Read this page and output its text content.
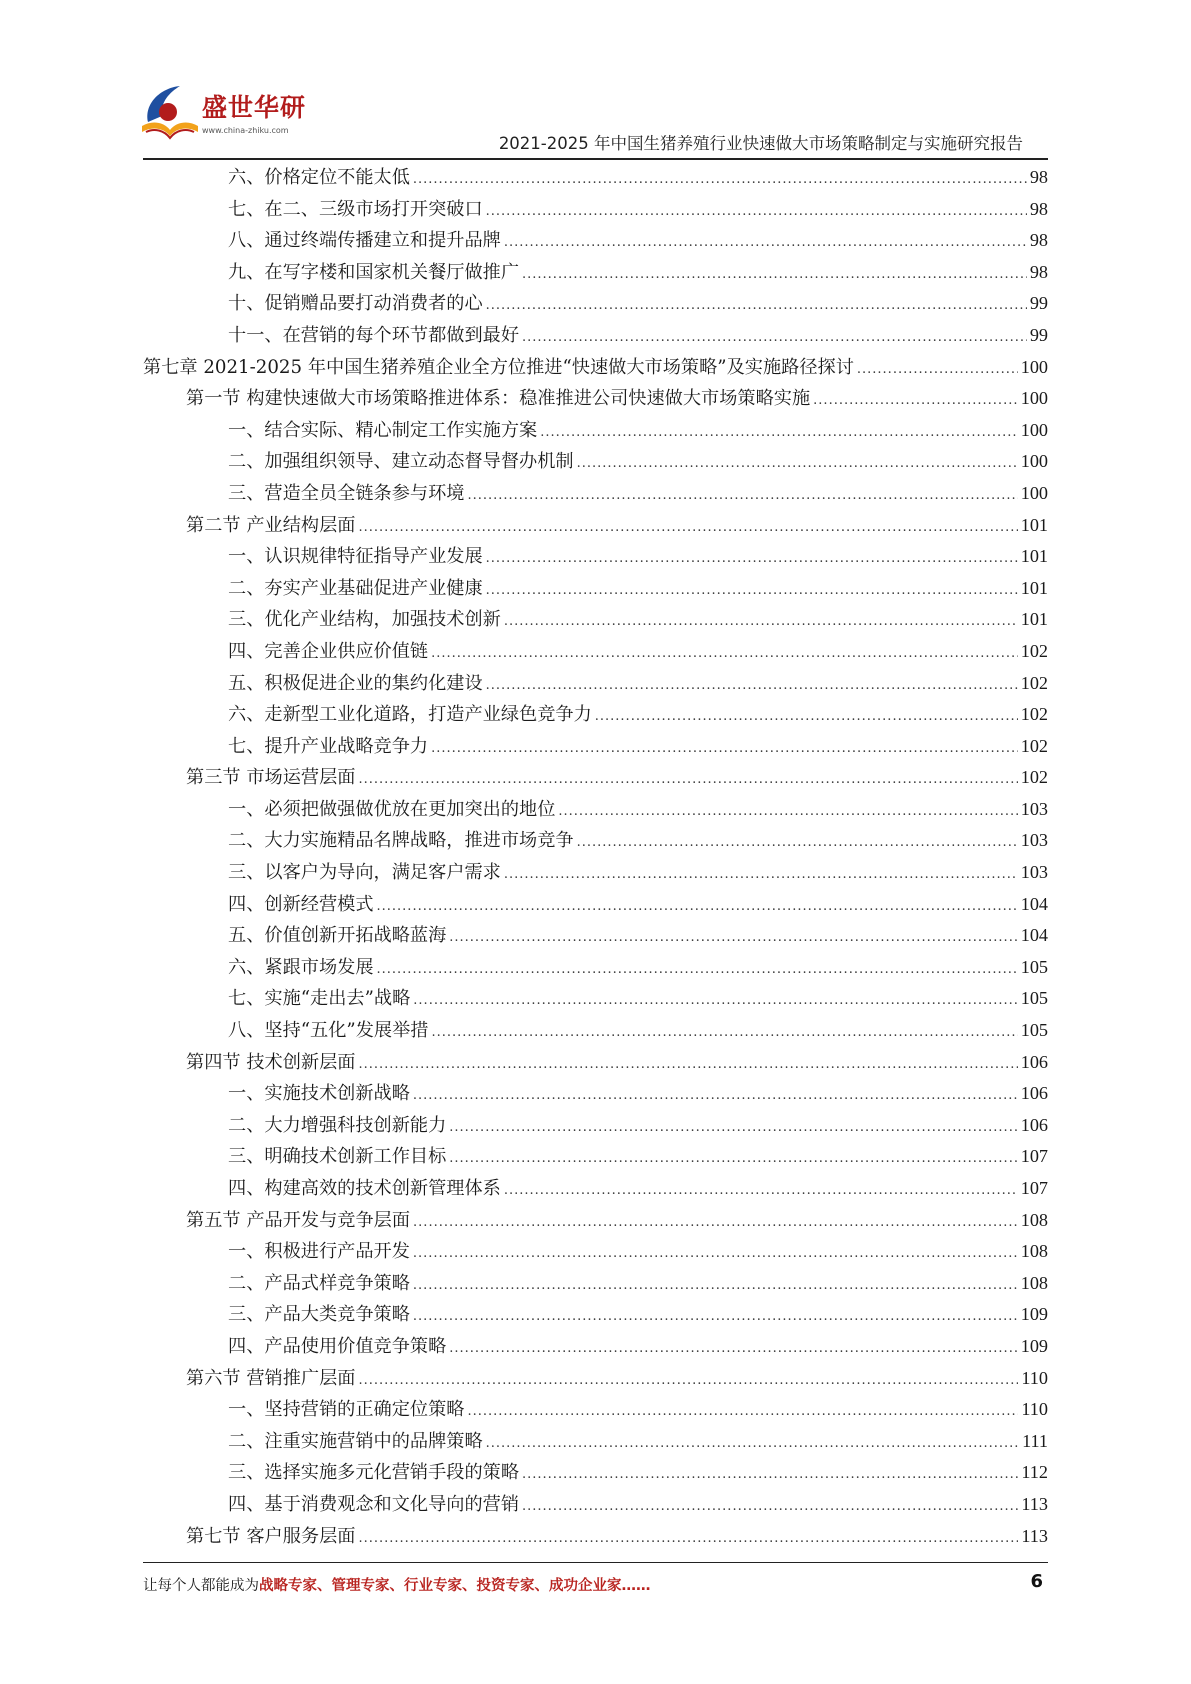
盛世华研
www.china-zhiku.com
2021-2025 年中国生猪养殖行业快速做大市场策略制定与实施研究报告
六、价格定位不能太低 .....	98
七、在二、三级市场打开突破口 .....	98
八、通过终端传播建立和提升品牌 .....	98
九、在写字楼和国家机关餐厅做推广 .....	98
十、促销赠品要打动消费者的心 .....	99
十一、在营销的每个环节都做到最好 .....	99
第七章 2021-2025 年中国生猪养殖企业全方位推进“快速做大市场策略”及实施路径探讨 .....	100
第一节 构建快速做大市场策略推进体系：稳准推进公司快速做大市场策略实施 .....	100
一、结合实际、精心制定工作实施方案 .....	100
二、加强组织领导、建立动态督导督办机制 .....	100
三、营造全员全链条参与环境 .....	100
第二节 产业结构层面 .....	101
一、认识规律特征指导产业发展 .....	101
二、夯实产业基础促进产业健康 .....	101
三、优化产业结构，加强技术创新 .....	101
四、完善企业供应价值链 .....	102
五、积极促进企业的集约化建设 .....	102
六、走新型工业化道路，打造产业绿色竞争力 .....	102
七、提升产业战略竞争力 .....	102
第三节 市场运营层面 .....	102
一、必须把做强做优放在更加突出的地位 .....	103
二、大力实施精品名牌战略，推进市场竞争 .....	103
三、以客户为导向，满足客户需求 .....	103
四、创新经营模式 .....	104
五、价值创新开拓战略蓝海 .....	104
六、紧跟市场发展 .....	105
七、实施“走出去”战略 .....	105
八、坚持“五化”发展举措 .....	105
第四节 技术创新层面 .....	106
一、实施技术创新战略 .....	106
二、大力增强科技创新能力 .....	106
三、明确技术创新工作目标 .....	107
四、构建高效的技术创新管理体系 .....	107
第五节 产品开发与竞争层面 .....	108
一、积极进行产品开发 .....	108
二、产品式样竞争策略 .....	108
三、产品大类竞争策略 .....	109
四、产品使用价值竞争策略 .....	109
第六节 营销推广层面 .....	110
一、坚持营销的正确定位策略 .....	110
二、注重实施营销中的品牌策略 .....	111
三、选择实施多元化营销手段的策略 .....	112
四、基于消费观念和文化导向的营销 .....	113
第七节 客户服务层面 .....	113
让每个人都能成为战略专家、管理专家、行业专家、投资专家、成功企业家……	6
